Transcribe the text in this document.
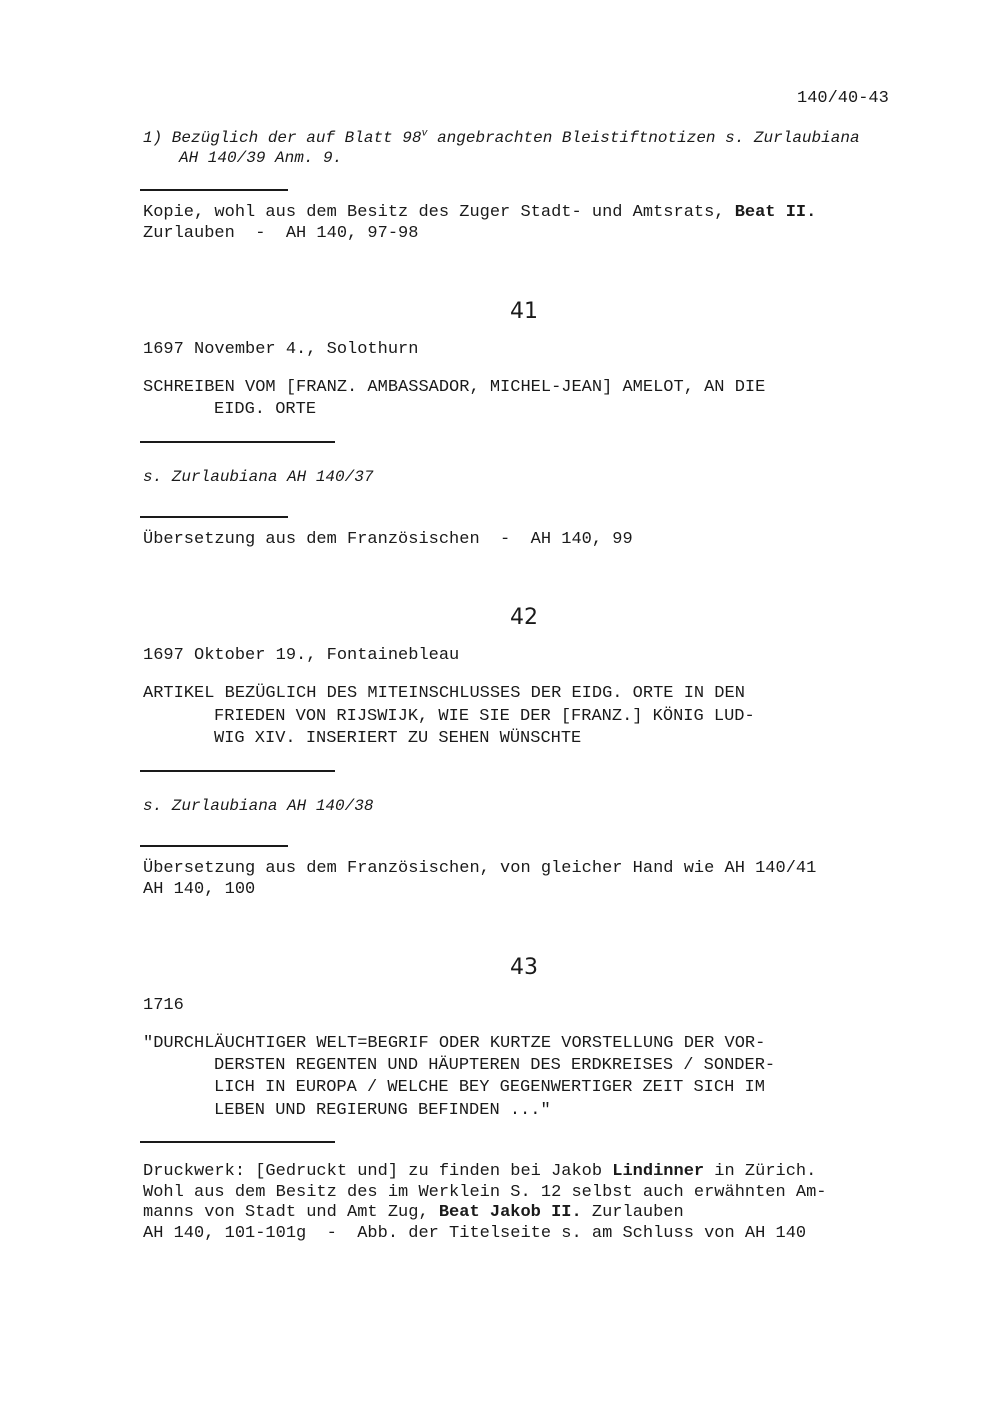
140/40-43
1) Bezüglich der auf Blatt 98$^v$ angebrachten Bleistiftnotizen s. Zurlaubiana
AH 140/39 Anm. 9.
Kopie, wohl aus dem Besitz des Zuger Stadt- und Amtsrats, Beat II.
Zurlauben  -  AH 140, 97-98
41
1697 November 4., Solothurn
SCHREIBEN VOM [FRANZ. AMBASSADOR, MICHEL-JEAN] AMELOT, AN DIE
EIDG. ORTE
s. Zurlaubiana AH 140/37
Übersetzung aus dem Französischen  -  AH 140, 99
42
1697 Oktober 19., Fontainebleau
ARTIKEL BEZÜGLICH DES MITEINSCHLUSSES DER EIDG. ORTE IN DEN
FRIEDEN VON RIJSWIJK, WIE SIE DER [FRANZ.] KÖNIG LUD-
WIG XIV. INSERIERT ZU SEHEN WÜNSCHTE
s. Zurlaubiana AH 140/38
Übersetzung aus dem Französischen, von gleicher Hand wie AH 140/41
AH 140, 100
43
1716
"DURCHLÄUCHTIGER WELT=BEGRIF ODER KURTZE VORSTELLUNG DER VOR-
DERSTEN REGENTEN UND HÄUPTEREN DES ERDKREISES / SONDER-
LICH IN EUROPA / WELCHE BEY GEGENWERTIGER ZEIT SICH IM
LEBEN UND REGIERUNG BEFINDEN ..."
Druckwerk: [Gedruckt und] zu finden bei Jakob Lindinner in Zürich.
Wohl aus dem Besitz des im Werklein S. 12 selbst auch erwähnten Am-
manns von Stadt und Amt Zug, Beat Jakob II. Zurlauben
AH 140, 101-101g  -  Abb. der Titelseite s. am Schluss von AH 140
